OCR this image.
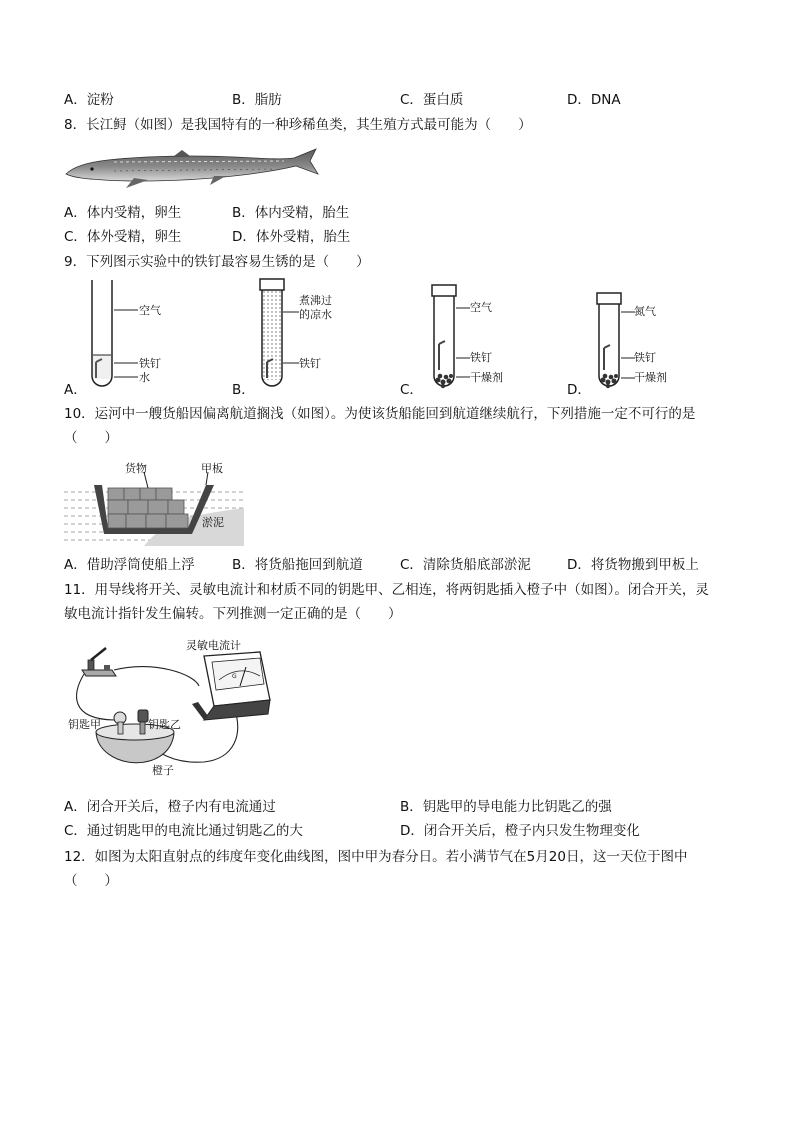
A．淀粉	B．脂肪	C．蛋白质	D．DNA
8．长江鲟（如图）是我国特有的一种珍稀鱼类，其生殖方式最可能为（　　）
A．体内受精，卵生	B．体内受精，胎生
C．体外受精，卵生	D．体外受精，胎生
9．下列图示实验中的铁钉最容易生锈的是（　　）
空气
铁钉
水
A．
煮沸过
的凉水
铁钉
B．
空气
铁钉
干燥剂
C．
氮气
铁钉
干燥剂
D．
10．运河中一艘货船因偏离航道搁浅（如图）。为使该货船能回到航道继续航行，下列措施一定不可行的是
（　　）
货物	甲板
淤泥
A．借助浮筒使船上浮	B．将货船拖回到航道	C．清除货船底部淤泥	D．将货物搬到甲板上
11．用导线将开关、灵敏电流计和材质不同的钥匙甲、乙相连，将两钥匙插入橙子中（如图）。闭合开关，灵
敏电流计指针发生偏转。下列推测一定正确的是（　　）
G
灵敏电流计
钥匙甲	钥匙乙
橙子
A．闭合开关后，橙子内有电流通过	B．钥匙甲的导电能力比钥匙乙的强
C．通过钥匙甲的电流比通过钥匙乙的大	D．闭合开关后，橙子内只发生物理变化
12．如图为太阳直射点的纬度年变化曲线图，图中甲为春分日。若小满节气在5月20日，这一天位于图中
（　　）
